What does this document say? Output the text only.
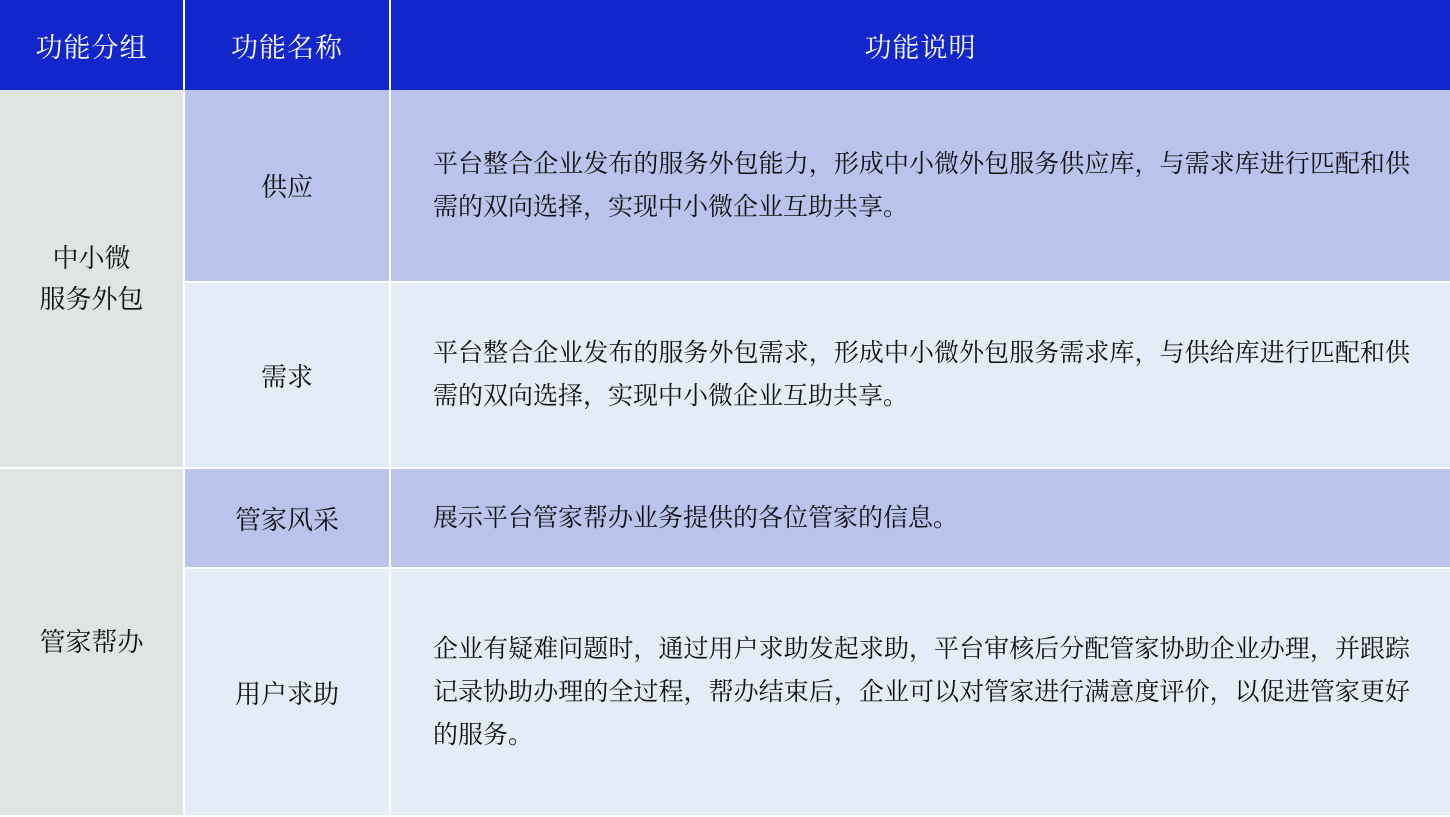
功能分组	功能名称	功能说明
中小微
服务外包	供应	平台整合企业发布的服务外包能力，形成中小微外包服务供应库，与需求库进行匹配和供需的双向选择，实现中小微企业互助共享。
	需求	平台整合企业发布的服务外包需求，形成中小微外包服务需求库，与供给库进行匹配和供需的双向选择，实现中小微企业互助共享。
管家帮办	管家风采	展示平台管家帮办业务提供的各位管家的信息。
	用户求助	企业有疑难问题时，通过用户求助发起求助，平台审核后分配管家协助企业办理，并跟踪记录协助办理的全过程，帮办结束后，企业可以对管家进行满意度评价，以促进管家更好的服务。
